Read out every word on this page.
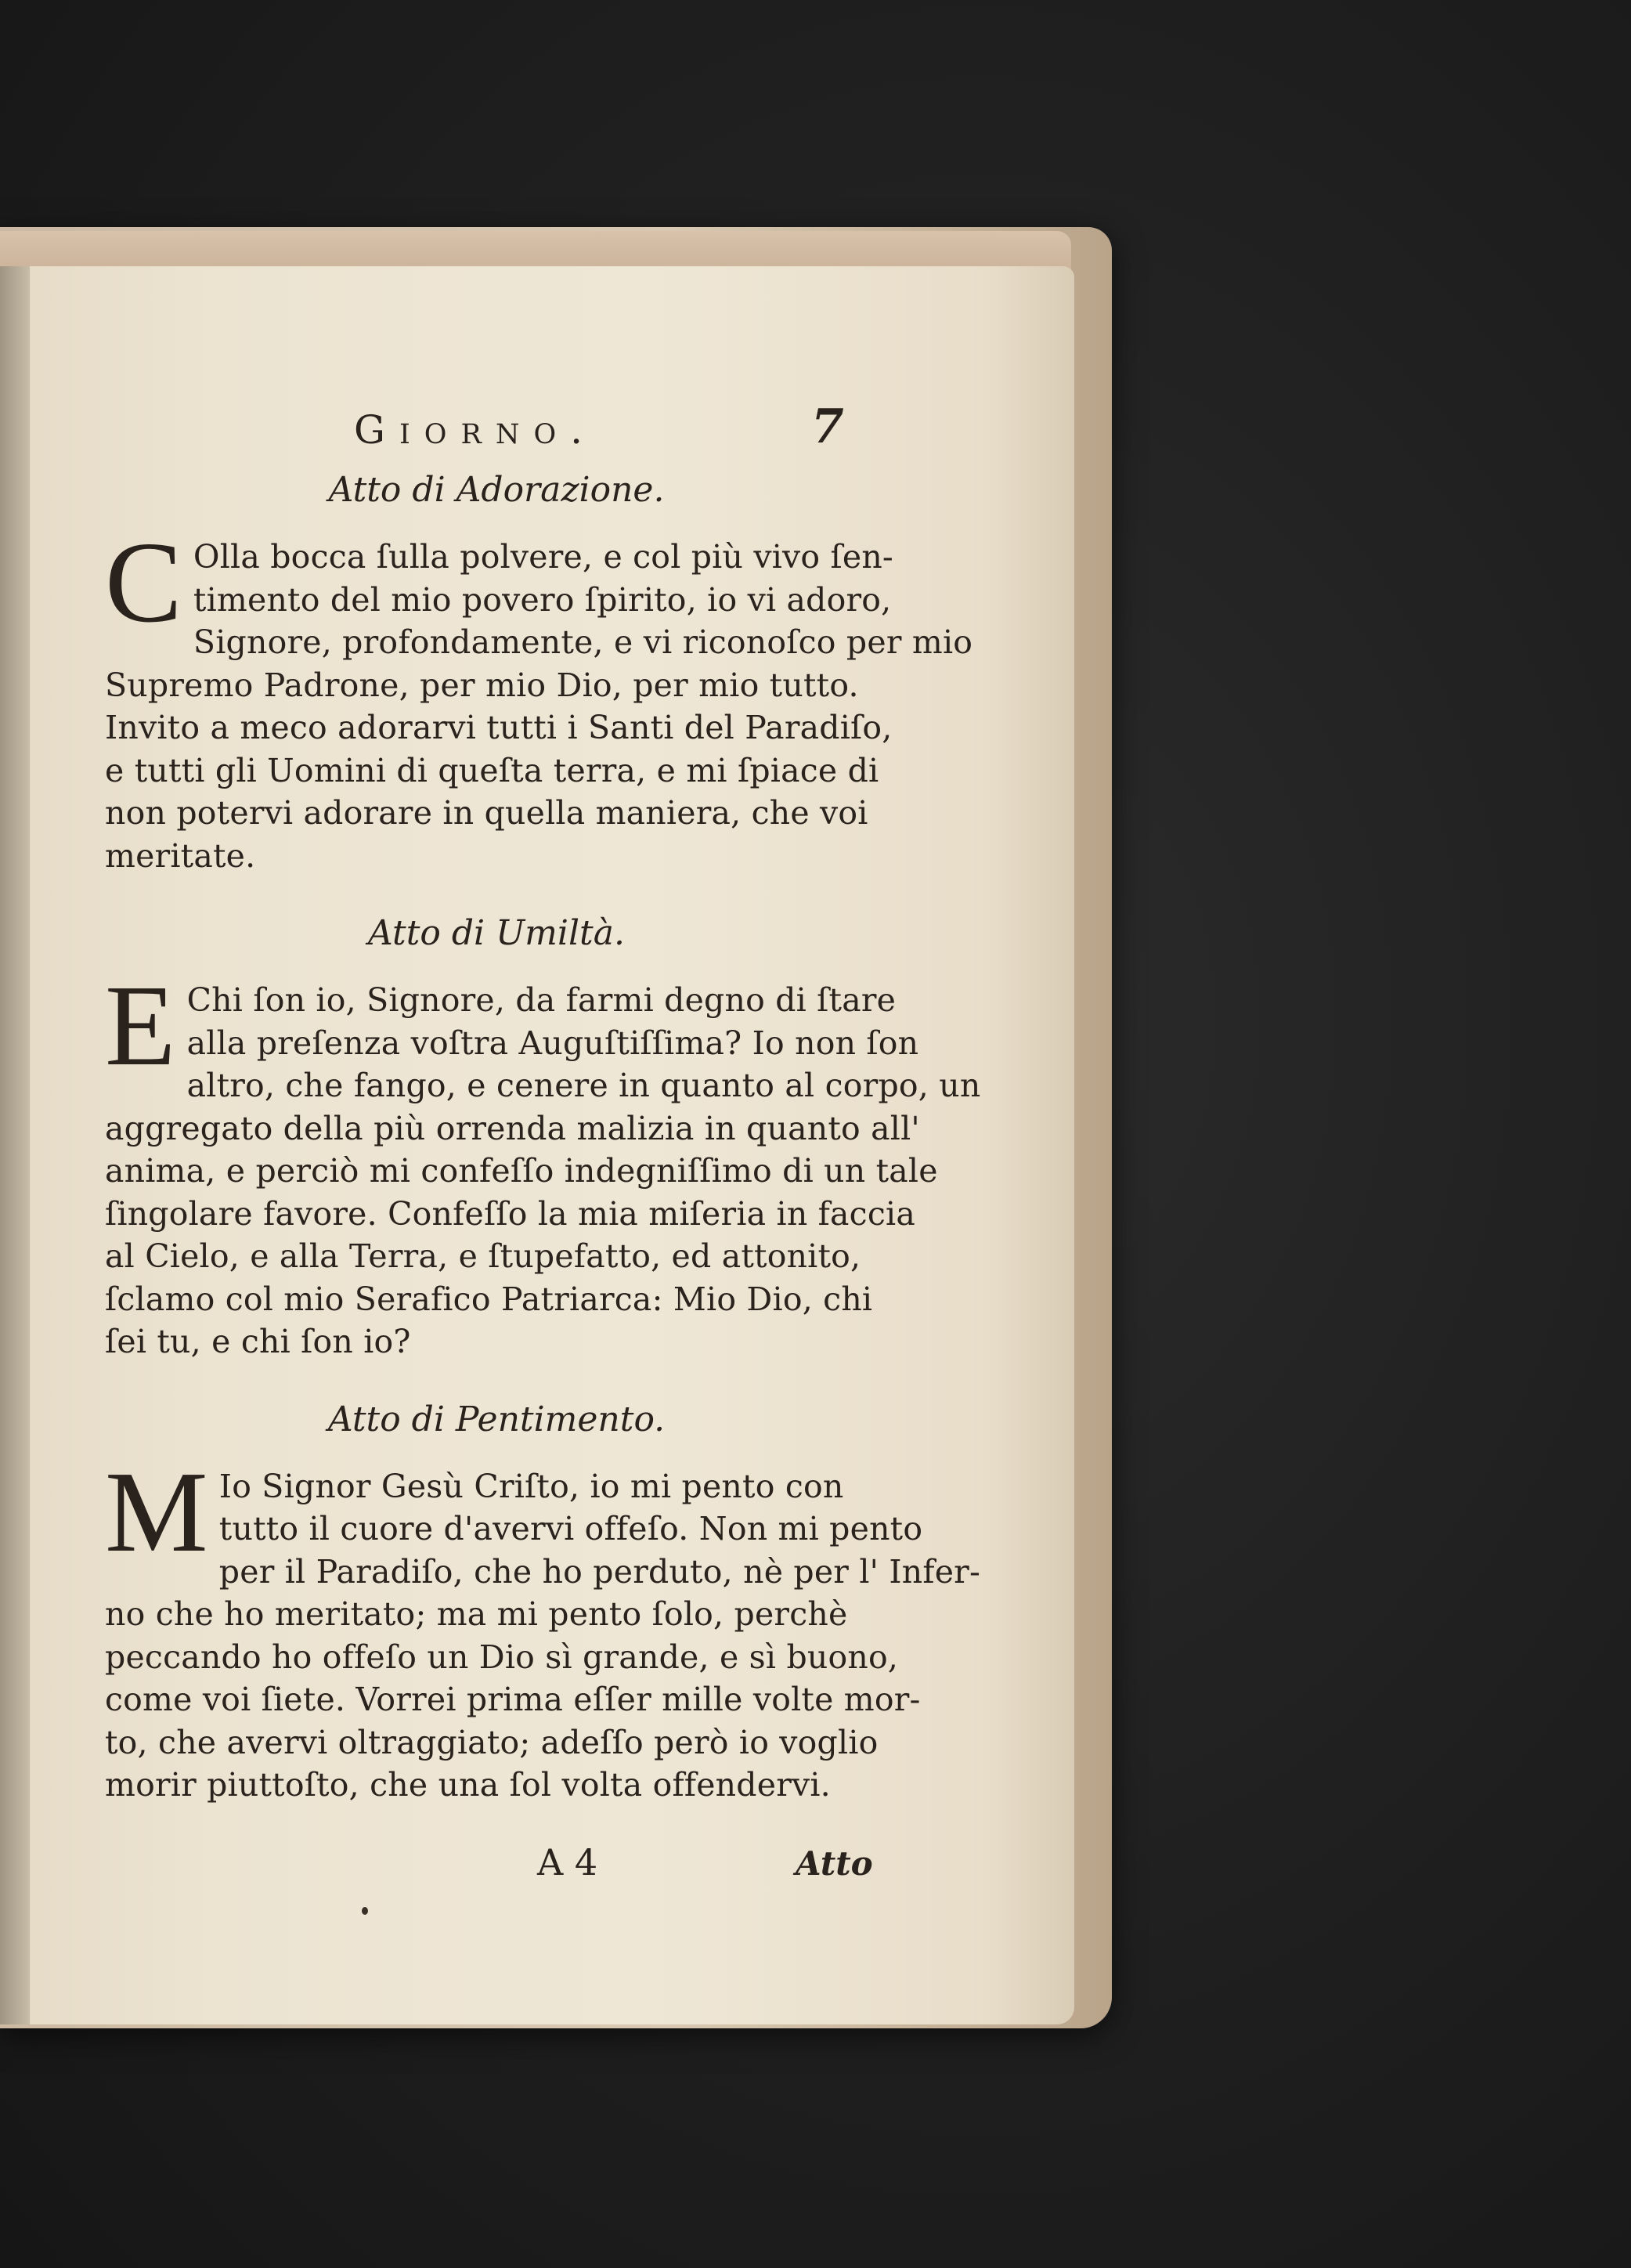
Giorno.	7
Atto di Adorazione.
C Olla bocca ſulla polvere, e col più vivo ſen-
timento del mio povero ſpirito, io vi adoro,
Signore, profondamente, e vi riconoſco per mio
Supremo Padrone, per mio Dio, per mio tutto.
Invito a meco adorarvi tutti i Santi del Paradiſo,
e tutti gli Uomini di queſta terra, e mi ſpiace di
non potervi adorare in quella maniera, che voi
meritate.
Atto di Umiltà.
E Chi ſon io, Signore, da farmi degno di ſtare
alla preſenza voſtra Auguſtiſſima? Io non ſon
altro, che fango, e cenere in quanto al corpo, un
aggregato della più orrenda malizia in quanto all'
anima, e perciò mi confeſſo indegniſſimo di un tale
ſingolare favore. Confeſſo la mia miſeria in faccia
al Cielo, e alla Terra, e ſtupefatto, ed attonito,
ſclamo col mio Serafico Patriarca: Mio Dio, chi
ſei tu, e chi ſon io?
Atto di Pentimento.
M Io Signor Gesù Criſto, io mi pento con
tutto il cuore d'avervi offeſo. Non mi pento
per il Paradiſo, che ho perduto, nè per l' Infer-
no che ho meritato; ma mi pento ſolo, perchè
peccando ho offeſo un Dio sì grande, e sì buono,
come voi ſiete. Vorrei prima eſſer mille volte mor-
to, che avervi oltraggiato; adeſſo però io voglio
morir piuttoſto, che una ſol volta offendervi.
A 4	Atto
